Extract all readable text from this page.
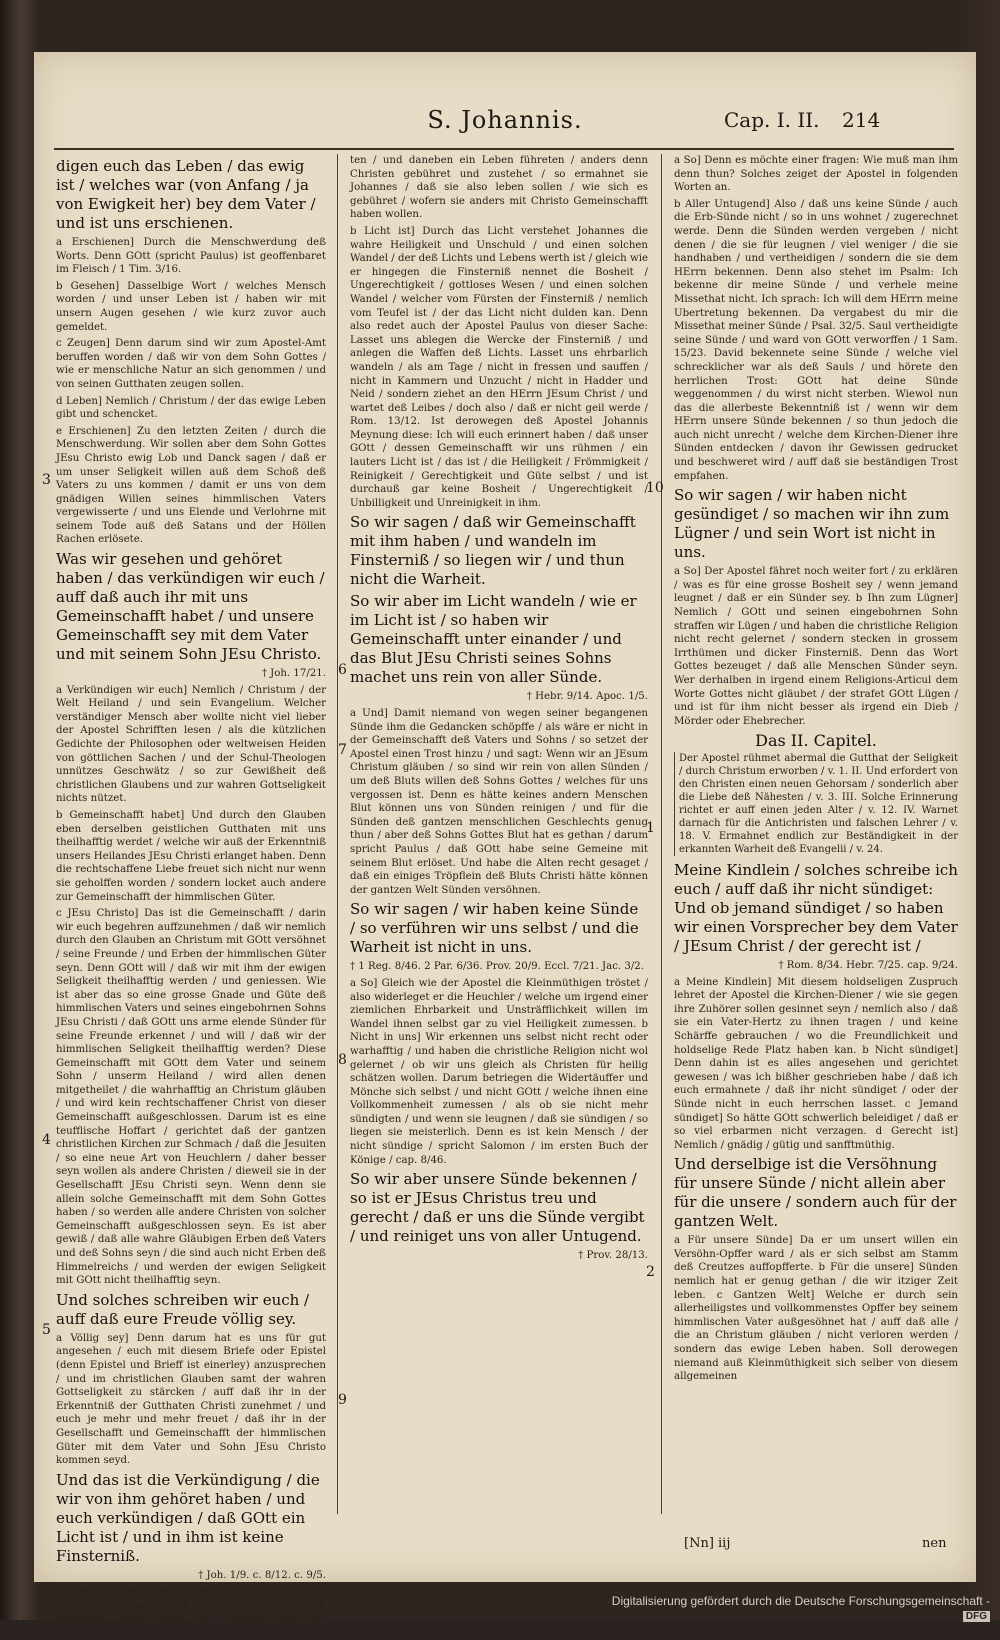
S. Johannis.	Cap. I. II. 214
digen euch das Leben / das ewig ist / welches war (von Anfang / ja von Ewigkeit her) bey dem Vater / und ist uns erschienen.

a Erschienen] Durch die Menschwerdung deß Worts. Denn GOtt (spricht Paulus) ist geoffenbaret im Fleisch / 1 Tim. 3/16.

b Gesehen] Dasselbige Wort / welches Mensch worden / und unser Leben ist / haben wir mit unsern Augen gesehen / wie kurz zuvor auch gemeldet.

c Zeugen] Denn darum sind wir zum Apostel-Amt beruffen worden / daß wir von dem Sohn Gottes / wie er menschliche Natur an sich genommen / und von seinen Gutthaten zeugen sollen.

d Leben] Nemlich / Christum / der das ewige Leben gibt und schencket.

e Erschienen] Zu den letzten Zeiten / durch die Menschwerdung. Wir sollen aber dem Sohn Gottes JEsu Christo ewig Lob und Danck sagen / daß er um unser Seligkeit willen auß dem Schoß deß Vaters zu uns kommen / damit er uns von dem gnädigen Willen seines himmlischen Vaters vergewisserte / und uns Elende und Verlohrne mit seinem Tode auß deß Satans und der Höllen Rachen erlösete.

Was wir gesehen und gehöret haben / das verkündigen wir euch / auff daß auch ihr mit uns Gemeinschafft habet / und unsere Gemeinschafft sey mit dem Vater und mit seinem Sohn JEsu Christo.

† Joh. 17/21.

a Verkündigen wir euch] Nemlich / Christum / der Welt Heiland / und sein Evangelium. Welcher verständiger Mensch aber wollte nicht viel lieber der Apostel Schrifften lesen / als die kützlichen Gedichte der Philosophen oder weltweisen Heiden von göttlichen Sachen / und der Schul-Theologen unnützes Geschwätz / so zur Gewißheit deß christlichen Glaubens und zur wahren Gottseligkeit nichts nützet.

b Gemeinschafft habet] Und durch den Glauben eben derselben geistlichen Gutthaten mit uns theilhafftig werdet / welche wir auß der Erkenntniß unsers Heilandes JEsu Christi erlanget haben. Denn die rechtschaffene Liebe freuet sich nicht nur wenn sie geholffen worden / sondern locket auch andere zur Gemeinschafft der himmlischen Güter.

c JEsu Christo] Das ist die Gemeinschafft / darin wir euch begehren auffzunehmen / daß wir nemlich durch den Glauben an Christum mit GOtt versöhnet / seine Freunde / und Erben der himmlischen Güter seyn. Denn GOtt will / daß wir mit ihm der ewigen Seligkeit theilhafftig werden / und geniessen. Wie ist aber das so eine grosse Gnade und Güte deß himmlischen Vaters und seines eingebohrnen Sohns JEsu Christi / daß GOtt uns arme elende Sünder für seine Freunde erkennet / und will / daß wir der himmlischen Seligkeit theilhafftig werden? Diese Gemeinschafft mit GOtt dem Vater und seinem Sohn / unserm Heiland / wird allen denen mitgetheilet / die wahrhafftig an Christum gläuben / und wird kein rechtschaffener Christ von dieser Gemeinschafft außgeschlossen. Darum ist es eine teufflische Hoffart / gerichtet daß der gantzen christlichen Kirchen zur Schmach / daß die Jesuiten / so eine neue Art von Heuchlern / daher besser seyn wollen als andere Christen / dieweil sie in der Gesellschafft JEsu Christi seyn. Wenn denn sie allein solche Gemeinschafft mit dem Sohn Gottes haben / so werden alle andere Christen von solcher Gemeinschafft außgeschlossen seyn. Es ist aber gewiß / daß alle wahre Gläubigen Erben deß Vaters und deß Sohns seyn / die sind auch nicht Erben deß Himmelreichs / und werden der ewigen Seligkeit mit GOtt nicht theilhafftig seyn.

Und solches schreiben wir euch / auff daß eure Freude völlig sey.

a Völlig sey] Denn darum hat es uns für gut angesehen / euch mit diesem Briefe oder Epistel (denn Epistel und Brieff ist einerley) anzusprechen / und im christlichen Glauben samt der wahren Gottseligkeit zu stärcken / auff daß ihr in der Erkenntniß der Gutthaten Christi zunehmet / und euch je mehr und mehr freuet / daß ihr in der Gesellschafft und Gemeinschafft der himmlischen Güter mit dem Vater und Sohn JEsu Christo kommen seyd.

Und das ist die Verkündigung / die wir von ihm gehöret haben / und euch verkündigen / daß GOtt ein Licht ist / und in ihm ist keine Finsterniß.

† Joh. 1/9. c. 8/12. c. 9/5.

a Verkündigung] Oder Lehre / die wir von Christo empfangen haben / und auß seinem Befehl euch vorhalten. Denn damit die Christen sich der Gemeinschafft Gottes nicht nur rühmen

ten / und daneben ein Leben führeten / anders denn Christen gebühret und zustehet / so ermahnet sie Johannes / daß sie also leben sollen / wie sich es gebühret / wofern sie anders mit Christo Gemeinschafft haben wollen.

b Licht ist] Durch das Licht verstehet Johannes die wahre Heiligkeit und Unschuld / und einen solchen Wandel / der deß Lichts und Lebens werth ist / gleich wie er hingegen die Finsterniß nennet die Bosheit / Ungerechtigkeit / gottloses Wesen / und einen solchen Wandel / welcher vom Fürsten der Finsterniß / nemlich vom Teufel ist / der das Licht nicht dulden kan. Denn also redet auch der Apostel Paulus von dieser Sache: Lasset uns ablegen die Wercke der Finsterniß / und anlegen die Waffen deß Lichts. Lasset uns ehrbarlich wandeln / als am Tage / nicht in fressen und sauffen / nicht in Kammern und Unzucht / nicht in Hadder und Neid / sondern ziehet an den HErrn JEsum Christ / und wartet deß Leibes / doch also / daß er nicht geil werde / Rom. 13/12. Ist derowegen deß Apostel Johannis Meynung diese: Ich will euch erinnert haben / daß unser GOtt / dessen Gemeinschafft wir uns rühmen / ein lauters Licht ist / das ist / die Heiligkeit / Frömmigkeit / Reinigkeit / Gerechtigkeit und Güte selbst / und ist durchauß gar keine Bosheit / Ungerechtigkeit / Unbilligkeit und Unreinigkeit in ihm.

So wir sagen / daß wir Gemeinschafft mit ihm haben / und wandeln im Finsterniß / so liegen wir / und thun nicht die Warheit.
So wir aber im Licht wandeln / wie er im Licht ist / so haben wir Gemeinschafft unter einander / und das Blut JEsu Christi seines Sohns machet uns rein von aller Sünde.

† Hebr. 9/14. Apoc. 1/5.

a Und] Damit niemand von wegen seiner begangenen Sünde ihm die Gedancken schöpffe / als wäre er nicht in der Gemeinschafft deß Vaters und Sohns / so setzet der Apostel einen Trost hinzu / und sagt: Wenn wir an JEsum Christum gläuben / so sind wir rein von allen Sünden / um deß Bluts willen deß Sohns Gottes / welches für uns vergossen ist. Denn es hätte keines andern Menschen Blut können uns von Sünden reinigen / und für die Sünden deß gantzen menschlichen Geschlechts genug thun / aber deß Sohns Gottes Blut hat es gethan / darum spricht Paulus / daß GOtt habe seine Gemeine mit seinem Blut erlöset. Und habe die Alten recht gesaget / daß ein einiges Tröpflein deß Bluts Christi hätte können der gantzen Welt Sünden versöhnen.

So wir sagen / wir haben keine Sünde / so verführen wir uns selbst / und die Warheit ist nicht in uns.

† 1 Reg. 8/46. 2 Par. 6/36. Prov. 20/9. Eccl. 7/21. Jac. 3/2.

a So] Gleich wie der Apostel die Kleinmüthigen tröstet / also widerleget er die Heuchler / welche um irgend einer ziemlichen Ehrbarkeit und Unsträfflichkeit willen im Wandel ihnen selbst gar zu viel Heiligkeit zumessen. b Nicht in uns] Wir erkennen uns selbst nicht recht oder warhafftig / und haben die christliche Religion nicht wol gelernet / ob wir uns gleich als Christen für heilig schätzen wollen. Darum betriegen die Widertäuffer und Mönche sich selbst / und nicht GOtt / welche ihnen eine Vollkommenheit zumessen / als ob sie nicht mehr sündigten / und wenn sie leugnen / daß sie sündigen / so liegen sie meisterlich. Denn es ist kein Mensch / der nicht sündige / spricht Salomon / im ersten Buch der Könige / cap. 8/46.

So wir aber unsere Sünde bekennen / so ist er JEsus Christus treu und gerecht / daß er uns die Sünde vergibt / und reiniget uns von aller Untugend.

† Prov. 28/13.

a So] Denn es möchte einer fragen: Wie muß man ihm denn thun? Solches zeiget der Apostel in folgenden Worten an.

b Aller Untugend] Also / daß uns keine Sünde / auch die Erb-Sünde nicht / so in uns wohnet / zugerechnet werde. Denn die Sünden werden vergeben / nicht denen / die sie für leugnen / viel weniger / die sie handhaben / und vertheidigen / sondern die sie dem HErrn bekennen. Denn also stehet im Psalm: Ich bekenne dir meine Sünde / und verhele meine Missethat nicht. Ich sprach: Ich will dem HErrn meine Ubertretung bekennen. Da vergabest du mir die Missethat meiner Sünde / Psal. 32/5. Saul vertheidigte seine Sünde / und ward von GOtt verworffen / 1 Sam. 15/23. David bekennete seine Sünde / welche viel schrecklicher war als deß Sauls / und hörete den herrlichen Trost: GOtt hat deine Sünde weggenommen / du wirst nicht sterben. Wiewol nun das die allerbeste Bekenntniß ist / wenn wir dem HErrn unsere Sünde bekennen / so thun jedoch die auch nicht unrecht / welche dem Kirchen-Diener ihre Sünden entdecken / davon ihr Gewissen gedrucket und beschweret wird / auff daß sie beständigen Trost empfahen.

So wir sagen / wir haben nicht gesündiget / so machen wir ihn zum Lügner / und sein Wort ist nicht in uns.

a So] Der Apostel fähret noch weiter fort / zu erklären / was es für eine grosse Bosheit sey / wenn jemand leugnet / daß er ein Sünder sey. b Ihn zum Lügner] Nemlich / GOtt und seinen eingebohrnen Sohn straffen wir Lügen / und haben die christliche Religion nicht recht gelernet / sondern stecken in grossem Irrthümen und dicker Finsterniß. Denn das Wort Gottes bezeuget / daß alle Menschen Sünder seyn. Wer derhalben in irgend einem Religions-Articul dem Worte Gottes nicht gläubet / der strafet GOtt Lügen / und ist für ihm nicht besser als irgend ein Dieb / Mörder oder Ehebrecher.

Das II. Capitel.
Der Apostel rühmet abermal die Gutthat der Seligkeit / durch Christum erworben / v. 1. II. Und erfordert von den Christen einen neuen Gehorsam / sonderlich aber die Liebe deß Nähesten / v. 3. III. Solche Erinnerung richtet er auff einen jeden Alter / v. 12. IV. Warnet darnach für die Antichristen und falschen Lehrer / v. 18. V. Ermahnet endlich zur Beständigkeit in der erkannten Warheit deß Evangelii / v. 24.
Meine Kindlein / solches schreibe ich euch / auff daß ihr nicht sündiget: Und ob jemand sündiget / so haben wir einen Vorsprecher bey dem Vater / JEsum Christ / der gerecht ist /

† Rom. 8/34. Hebr. 7/25. cap. 9/24.

a Meine Kindlein] Mit diesem holdseligen Zuspruch lehret der Apostel die Kirchen-Diener / wie sie gegen ihre Zuhörer sollen gesinnet seyn / nemlich also / daß sie ein Vater-Hertz zu ihnen tragen / und keine Schärffe gebrauchen / wo die Freundlichkeit und holdselige Rede Platz haben kan. b Nicht sündiget] Denn dahin ist es alles angesehen und gerichtet gewesen / was ich bißher geschrieben habe / daß ich euch ermahnete / daß ihr nicht sündiget / oder der Sünde nicht in euch herrschen lasset. c Jemand sündiget] So hätte GOtt schwerlich beleidiget / daß er so viel erbarmen nicht verzagen. d Gerecht ist] Nemlich / gnädig / gütig und sanfftmüthig.

Und derselbige ist die Versöhnung für unsere Sünde / nicht allein aber für die unsere / sondern auch für der gantzen Welt.

a Für unsere Sünde] Da er um unsert willen ein Versöhn-Opffer ward / als er sich selbst am Stamm deß Creutzes auffopfferte. b Für die unsere] Sünden nemlich hat er genug gethan / die wir itziger Zeit leben. c Gantzen Welt] Welche er durch sein allerheiligstes und vollkommenstes Opffer bey seinem himmlischen Vater außgesöhnet hat / auff daß alle / die an Christum gläuben / nicht verloren werden / sondern das ewige Leben haben. Soll derowegen niemand auß Kleinmüthigkeit sich selber von diesem allgemeinen

3
4
5
6
7
8
9
10
1
2
[Nn] iij	nen
Digitalisierung gefördert durch die Deutsche Forschungsgemeinschaft -DFG
